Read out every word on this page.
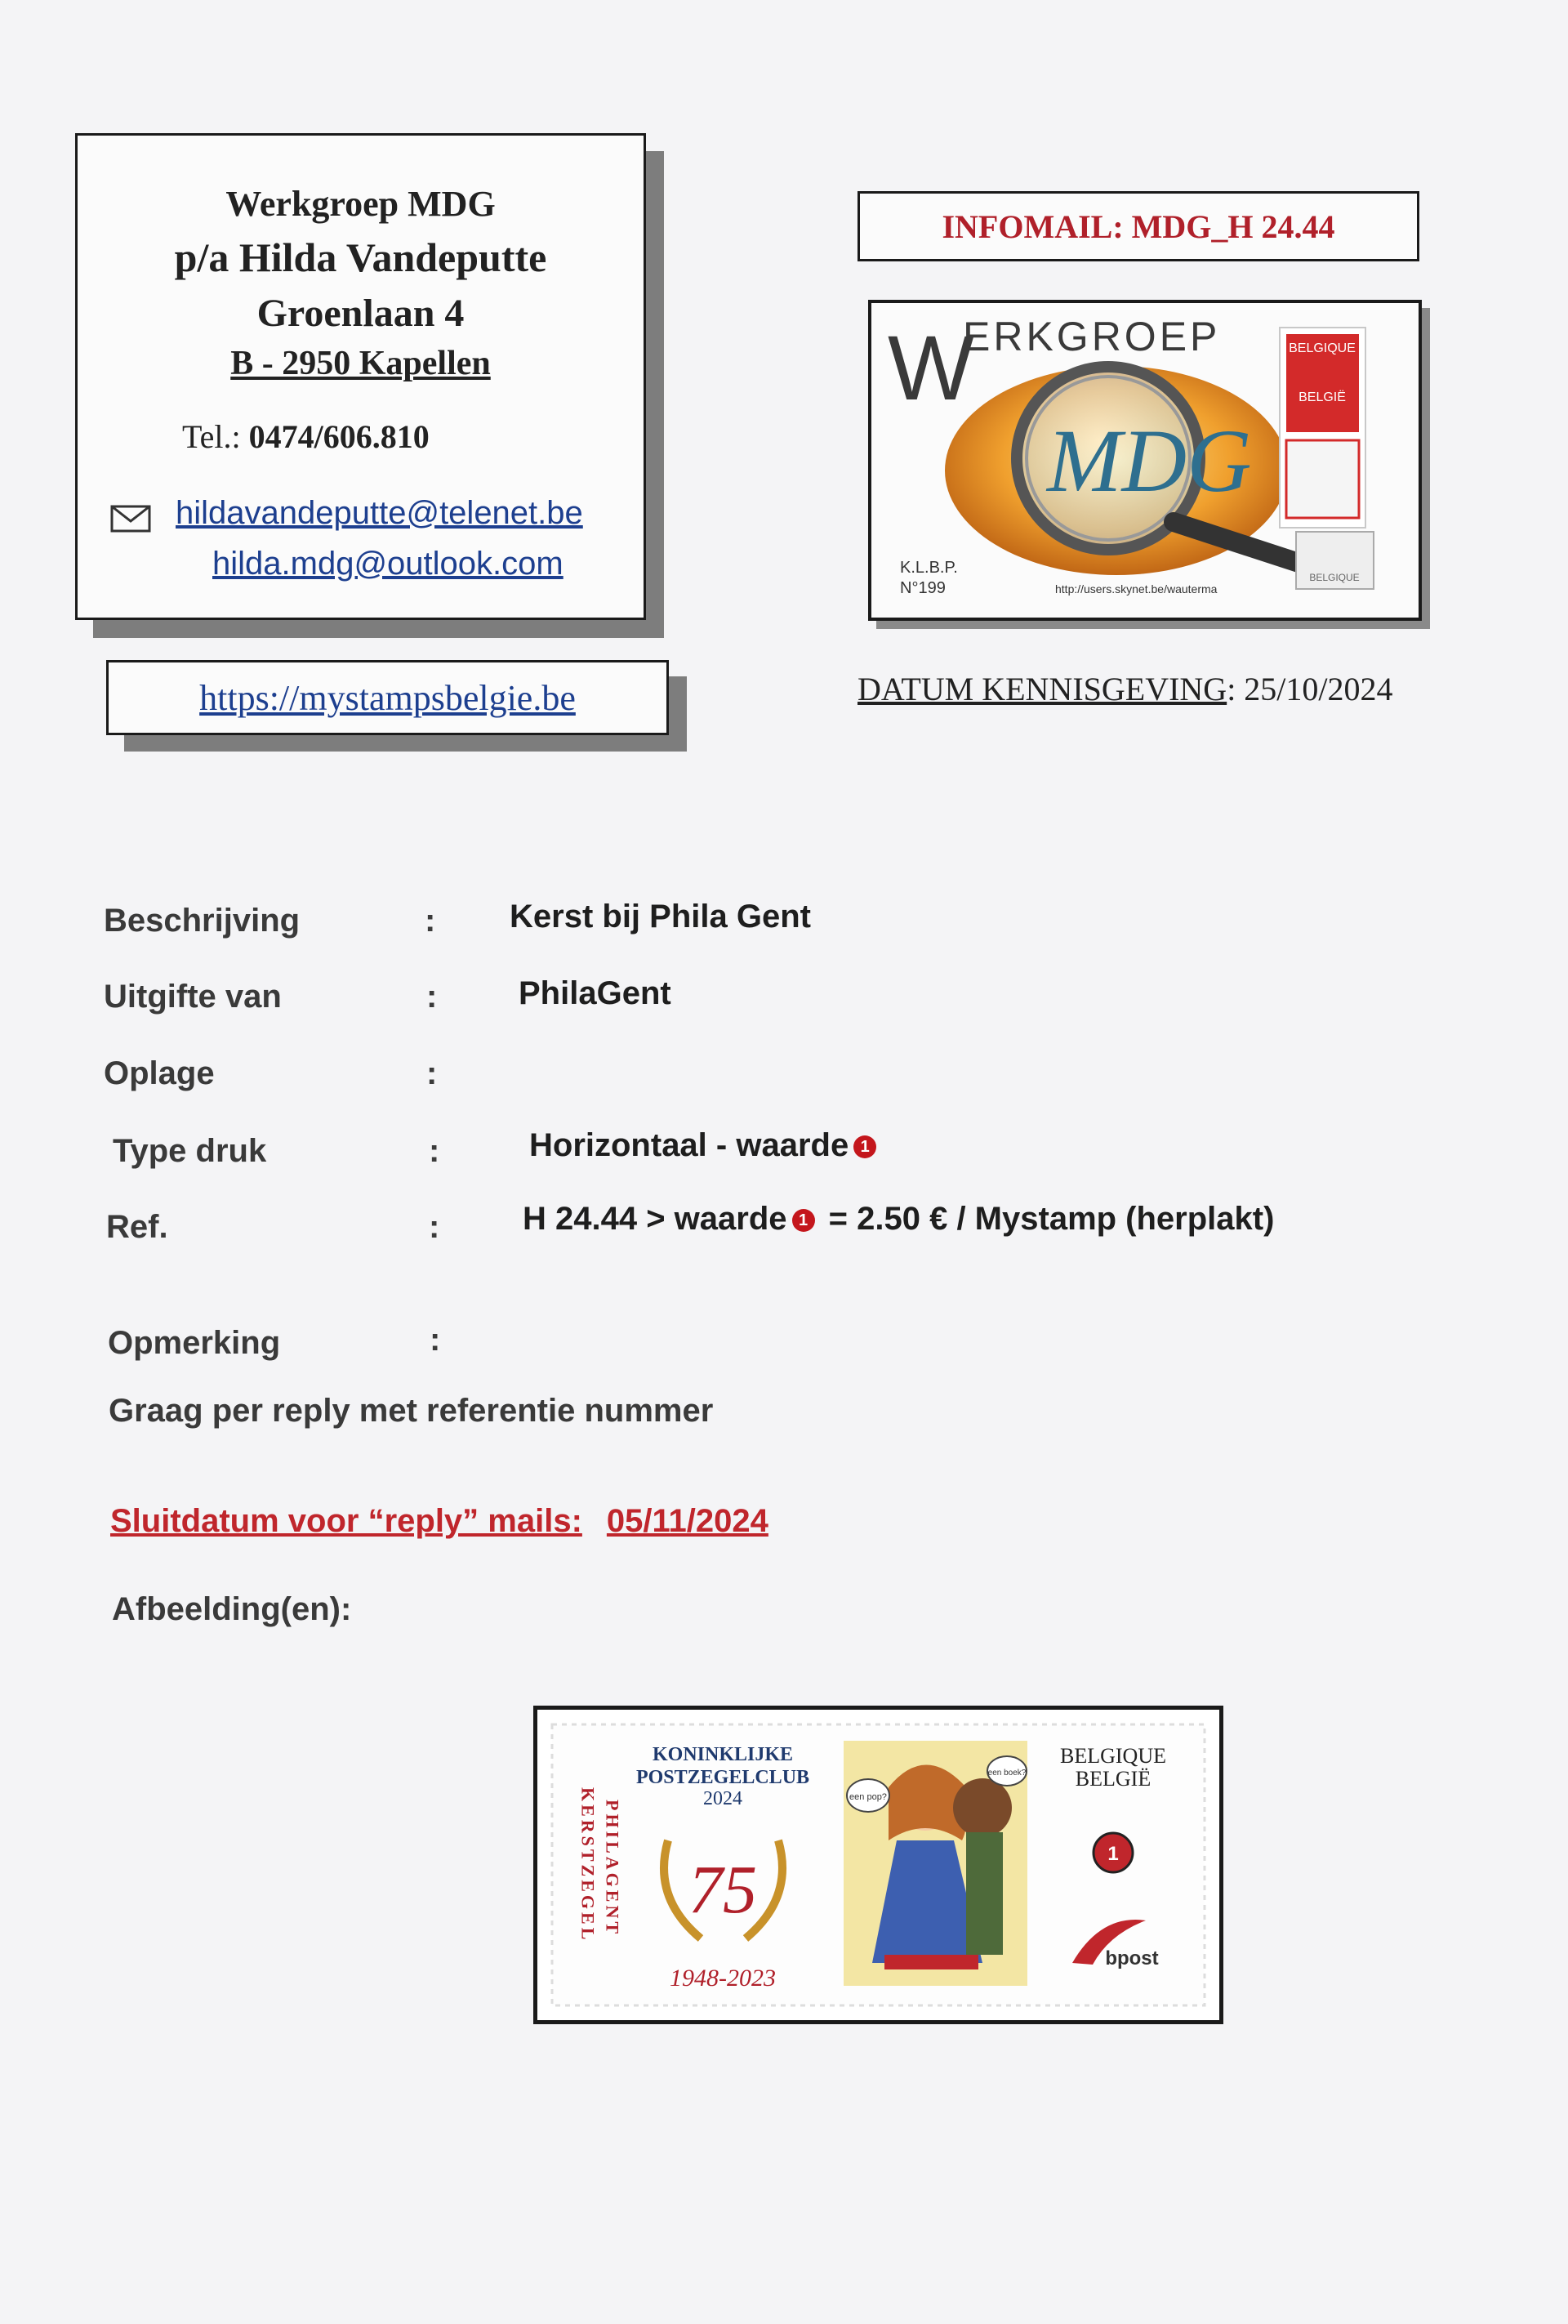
Werkgroep MDG
p/a Hilda Vandeputte
Groenlaan 4
B - 2950 Kapellen
Tel.: 0474/606.810
hildavandeputte@telenet.be
hilda.mdg@outlook.com
https://mystampsbelgie.be
INFOMAIL: MDG_H 24.44
W
ERKGROEP
MDG
BELGIQUE
BELGIË
BELGIQUE
K.L.B.P.
N°199	http://users.skynet.be/wauterma
DATUM KENNISGEVING: 25/10/2024
Beschrijving	: Kerst bij Phila Gent
Uitgifte van	: PhilaGent
Oplage	:
Type druk	:	Horizontaal - waarde 1
Ref.	:	H 24.44 > waarde 1 = 2.50 € / Mystamp (herplakt)
Opmerking	:
Graag per reply met referentie nummer
Sluitdatum voor “reply” mails: 05/11/2024
Afbeelding(en):
KERSTZEGEL PHILAGENT
KONINKLIJKE
POSTZEGELCLUB
2024
75
1948-2023
een pop?
een boek?
BELGIQUE
BELGIË
1
bpost
